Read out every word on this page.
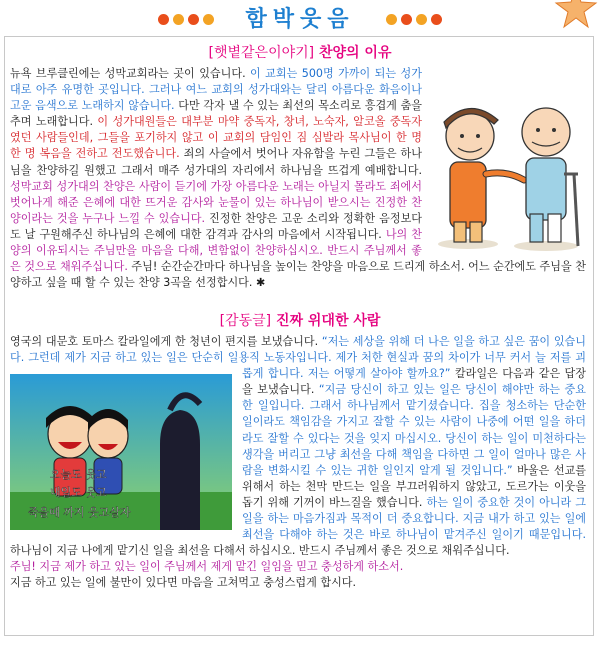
함박웃음
[햇볕같은이야기] 찬양의 이유
뉴욕 브루클린에는 성막교회라는 곳이 있습니다. 이 교회는 500명 가까이 되는 성가대로 아주 유명한 곳입니다. 그러나 여느 교회의 성가대와는 달리 아름다운 화음이나 고운 음색으로 노래하지 않습니다. 다만 각자 낼 수 있는 최선의 목소리로 흥겹게 춤을 추며 노래합니다. 이 성가대원들은 대부분 마약 중독자, 창녀, 노숙자, 알코올 중독자였던 사람들인데, 그들을 포기하지 않고 이 교회의 담임인 짐 심발라 목사님이 한 명 한 명 복음을 전하고 전도했습니다. 죄의 사슬에서 벗어나 자유함을 누린 그들은 하나님을 찬양하길 원했고 그래서 매주 성가대의 자리에서 하나님을 뜨겁게 예배합니다. 성막교회 성가대의 찬양은 사람이 듣기에 가장 아름다운 노래는 아닐지 몰라도 죄에서 벗어나게 해준 은혜에 대한 뜨거운 감사와 눈물이 있는 하나님이 받으시는 진정한 찬양이라는 것을 누구나 느낄 수 있습니다. 진정한 찬양은 고운 소리와 정확한 음정보다도 날 구원해주신 하나님의 은혜에 대한 감격과 감사의 마음에서 시작됩니다. 나의 찬양의 이유되시는 주님만을 마음을 다해, 변함없이 찬양하십시오. 반드시 주님께서 좋은 것으로 채워주십니다. 주님! 순간순간마다 하나님을 높이는 찬양을 마음으로 드리게 하소서. 어느 순간에도 주님을 찬양하고 싶을 때 할 수 있는 찬양 3곡을 선정합시다. ✱
[감동글] 진짜 위대한 사람
영국의 대문호 토마스 칼라일에게 한 청년이 편지를 보냈습니다. “저는 세상을 위해 더 나은 일을 하고 싶은 꿈이 있습니다. 그런데 제가 지금 하고 있는 일은 단순히 일용직 노동자입니다. 제가 처한 현실과 꿈의 차이가 너무 커서 늘 저를 괴롭게 합니다. 저는 어떻게 살아야 할까요?”
오늘도 웃고
내일도 웃고
죽을때 까지 웃고살자
칼라일은 다음과 같은 답장을 보냈습니다. “지금 당신이 하고 있는 일은 당신이 해야만 하는 중요한 일입니다. 그래서 하나님께서 맡기셨습니다. 집을 청소하는 단순한 일이라도 책임감을 가지고 잘할 수 있는 사람이 나중에 어떤 일을 하더라도 잘할 수 있다는 것을 잊지 마십시오. 당신이 하는 일이 미천하다는 생각을 버리고 그냥 최선을 다해 책임을 다하면 그 일이 얼마나 많은 사람을 변화시킬 수 있는 귀한 일인지 알게 될 것입니다.” 바울은 선교를 위해서 하는 천막 만드는 일을 부끄러워하지 않았고, 도르가는 이웃을 돕기 위해 기꺼이 바느질을 했습니다. 하는 일이 중요한 것이 아니라 그 일을 하는 마음가짐과 목적이 더 중요합니다. 지금 내가 하고 있는 일에 최선을 다해야 하는 것은 바로 하나님이 맡겨주신 일이기 때문입니다. 하나님이 지금 나에게 맡기신 일을 최선을 다해서 하십시오. 반드시 주님께서 좋은 것으로 채워주십니다.
주님! 지금 제가 하고 있는 일이 주님께서 제게 맡긴 일임을 믿고 충성하게 하소서.
지금 하고 있는 일에 불만이 있다면 마음을 고쳐먹고 충성스럽게 합시다.
